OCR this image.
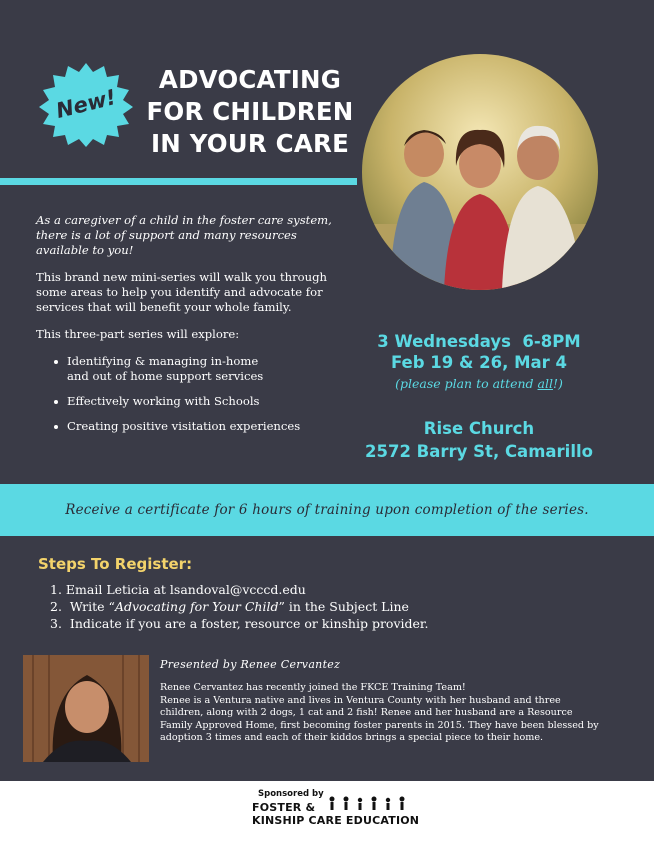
New!
ADVOCATING
FOR CHILDREN
IN YOUR CARE

As a caregiver of a child in the foster care system, there is a lot of support and many resources available to you!

This brand new mini-series will walk you through some areas to help you identify and advocate for services that will benefit your whole family.

This three-part series will explore:

Identifying & managing in-home
and out of home support services
Effectively working with Schools
Creating positive visitation experiences
3 Wednesdays  6-8PM
Feb 19 & 26, Mar 4
(please plan to attend all!)
Rise Church
2572 Barry St, Camarillo
Receive a certificate for 6 hours of training upon completion of the series.
Steps To Register:
1. Email Leticia at lsandoval@vcccd.edu
2. Write “Advocating for Your Child” in the Subject Line
3. Indicate if you are a foster, resource or kinship provider.
Presented by Renee Cervantez

Renee Cervantez has recently joined the FKCE Training Team!

Renee is a Ventura native and lives in Ventura County with her husband and three children, along with 2 dogs, 1 cat and 2 fish! Renee and her husband are a Resource Family Approved Home, first becoming foster parents in 2015. They have been blessed by adoption 3 times and each of their kiddos brings a special piece to their home.

Sponsored by
FOSTER &
KINSHIP CARE EDUCATION
